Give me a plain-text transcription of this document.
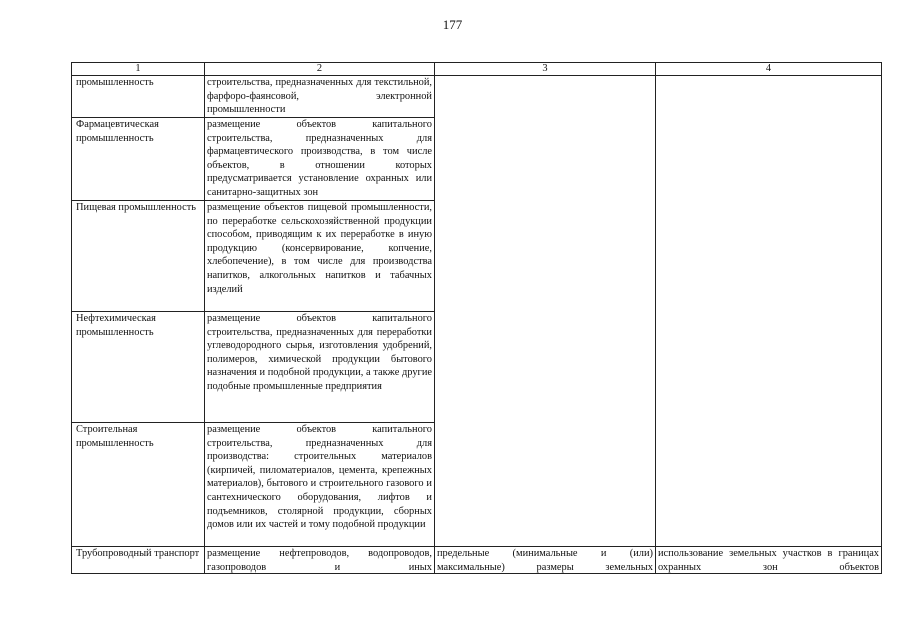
177
1	2	3	4
промышленность	строительства, предназначенных для текстильной, фарфоро-фаянсовой, электронной промышленности		
Фармацевтическая промышленность	размещение объектов капитального строительства, предназначенных для фармацевтического производства, в том числе объектов, в отношении которых предусматривается установление охранных или санитарно-защитных зон		
Пищевая промышленность	размещение объектов пищевой промышленности, по переработке сельскохозяйственной продукции способом, приводящим к их переработке в иную продукцию (консервирование, копчение, хлебопечение), в том числе для производства напитков, алкогольных напитков и табачных изделий		
Нефтехимическая промышленность	размещение объектов капитального строительства, предназначенных для переработки углеводородного сырья, изготовления удобрений, полимеров, химической продукции бытового назначения и подобной продукции, а также другие подобные промышленные предприятия		
Строительная промышленность	размещение объектов капитального строительства, предназначенных для производства: строительных материалов (кирпичей, пиломатериалов, цемента, крепежных материалов), бытового и строительного газового и сантехнического оборудования, лифтов и подъемников, столярной продукции, сборных домов или их частей и тому подобной продукции		

Трубопроводный транспорт	размещение нефтепроводов, водопроводов, газопроводов и иных	предельные (минимальные и (или) максимальные) размеры земельных	использование земельных участков в границах охранных зон объектов
